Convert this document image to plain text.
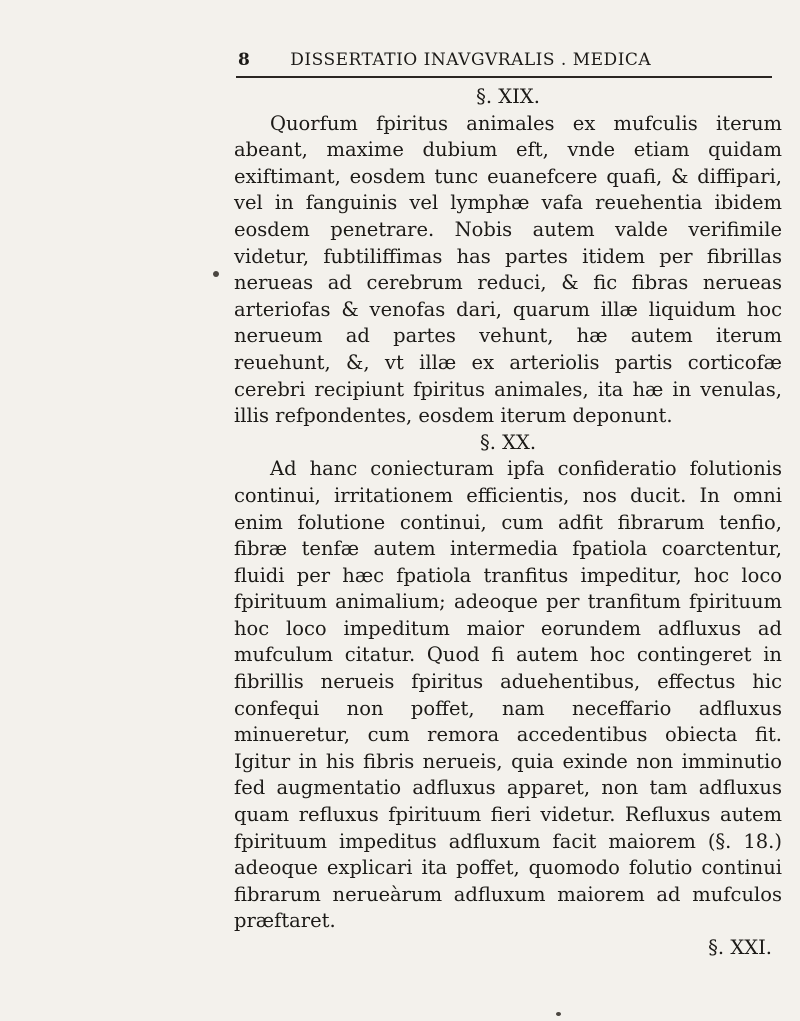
8 DISSERTATIO INAVGVRALIS . MEDICA

§. XIX.

Quorfum fpiritus animales ex mufculis iterum abeant, maxime dubium eft, vnde etiam quidam exiftimant, eosdem tunc euanefcere quafi, & diffipari, vel in fanguinis vel lymphæ vafa reuehentia ibidem eosdem penetrare. Nobis autem valde verifimile videtur, fubtiliffimas has partes itidem per fibrillas nerueas ad cerebrum reduci, & fic fibras nerueas arteriofas & venofas dari, quarum illæ liquidum hoc nerueum ad partes vehunt, hæ autem iterum reuehunt, &, vt illæ ex arteriolis partis corticofæ cerebri recipiunt fpiritus animales, ita hæ in venulas, illis refpondentes, eosdem iterum deponunt.

§. XX.

Ad hanc coniecturam ipfa confideratio folutionis continui, irritationem efficientis, nos ducit. In omni enim folutione continui, cum adfit fibrarum tenfio, fibræ tenfæ autem intermedia fpatiola coarctentur, fluidi per hæc fpatiola tranfitus impeditur, hoc loco fpirituum animalium; adeoque per tranfitum fpirituum hoc loco impeditum maior eorundem adfluxus ad mufculum citatur. Quod fi autem hoc contingeret in fibrillis nerueis fpiritus aduehentibus, effectus hic confequi non poffet, nam neceffario adfluxus minueretur, cum remora accedentibus obiecta fit. Igitur in his fibris nerueis, quia exinde non imminutio fed augmentatio adfluxus apparet, non tam adfluxus quam refluxus fpirituum fieri videtur. Refluxus autem fpirituum impeditus adfluxum facit maiorem (§. 18.) adeoque explicari ita poffet, quomodo folutio continui fibrarum nerueàrum adfluxum maiorem ad mufculos præftaret.

§. XXI.
